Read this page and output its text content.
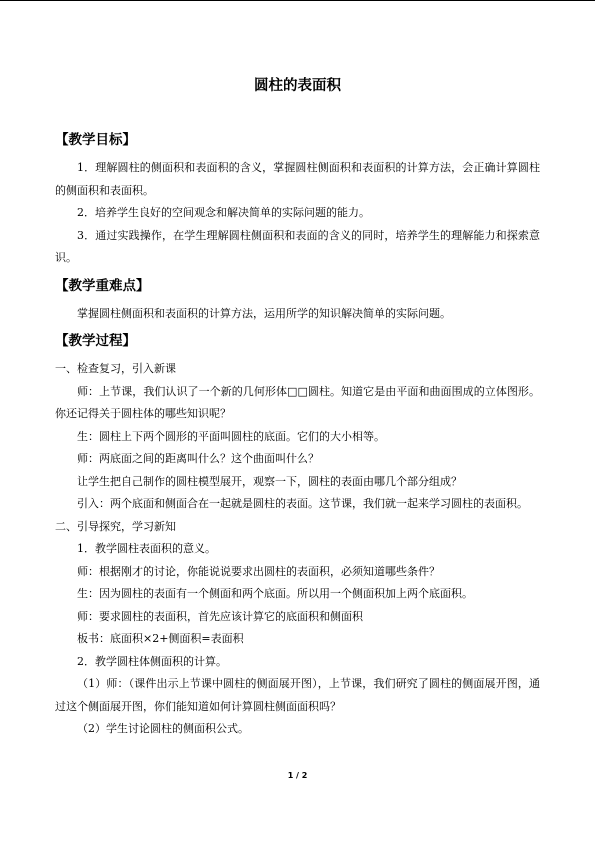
圆柱的表面积
【教学目标】

1．理解圆柱的侧面积和表面积的含义，掌握圆柱侧面积和表面积的计算方法，会正确计算圆柱的侧面积和表面积。

2．培养学生良好的空间观念和解决简单的实际问题的能力。

3．通过实践操作，在学生理解圆柱侧面积和表面的含义的同时，培养学生的理解能力和探索意识。

【教学重难点】

掌握圆柱侧面积和表面积的计算方法，运用所学的知识解决简单的实际问题。

【教学过程】

一、检查复习，引入新课

师：上节课，我们认识了一个新的几何形体□□圆柱。知道它是由平面和曲面围成的立体图形。你还记得关于圆柱体的哪些知识呢？

生：圆柱上下两个圆形的平面叫圆柱的底面。它们的大小相等。

师：两底面之间的距离叫什么？这个曲面叫什么？

让学生把自己制作的圆柱模型展开，观察一下，圆柱的表面由哪几个部分组成？

引入：两个底面和侧面合在一起就是圆柱的表面。这节课，我们就一起来学习圆柱的表面积。

二、引导探究，学习新知

1．教学圆柱表面积的意义。

师：根据刚才的讨论，你能说说要求出圆柱的表面积，必须知道哪些条件？

生：因为圆柱的表面有一个侧面和两个底面。所以用一个侧面积加上两个底面积。

师：要求圆柱的表面积，首先应该计算它的底面积和侧面积

板书：底面积×2+侧面积=表面积

2．教学圆柱体侧面积的计算。

（1）师：（课件出示上节课中圆柱的侧面展开图），上节课，我们研究了圆柱的侧面展开图，通过这个侧面展开图，你们能知道如何计算圆柱侧面面积吗？

（2）学生讨论圆柱的侧面积公式。

1 / 2
